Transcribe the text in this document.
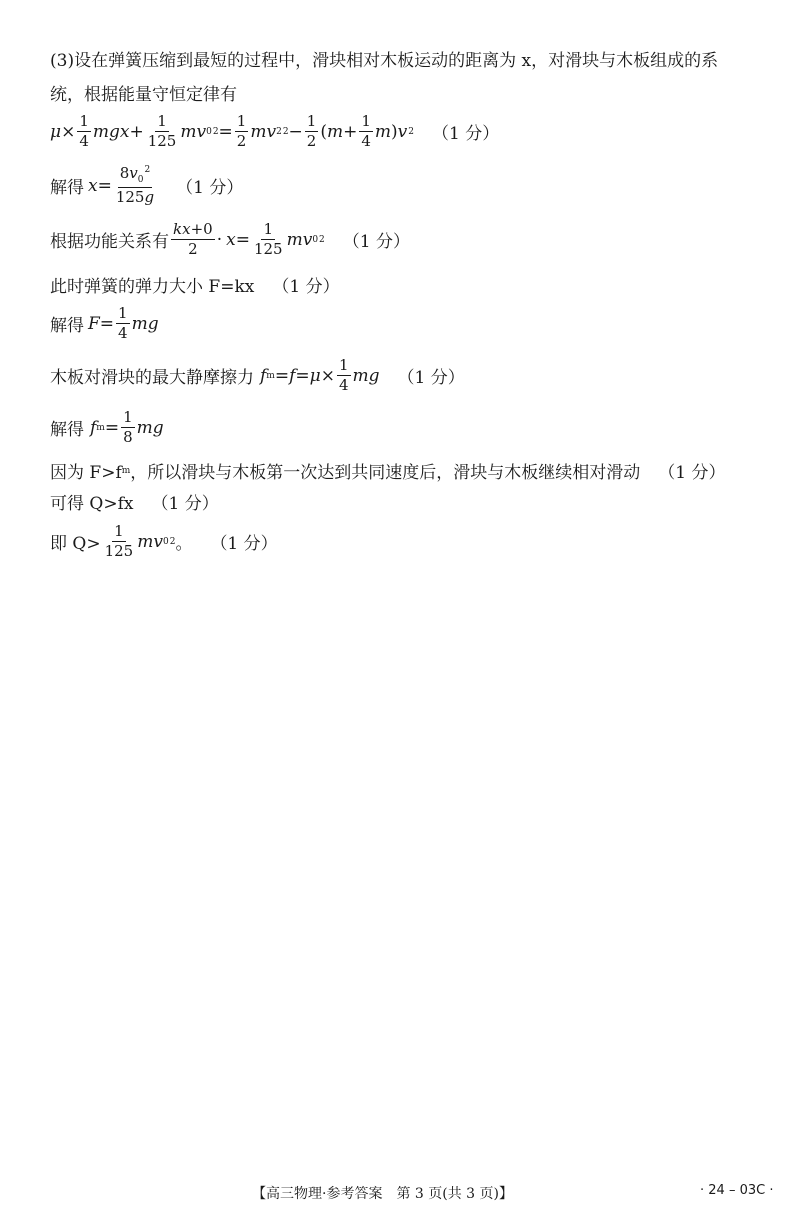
(3)设在弹簧压缩到最短的过程中，滑块相对木板运动的距离为 x，对滑块与木板组成的系
统，根据能量守恒定律有
$\mu \times \frac{1}{4}$ mgx + $\frac{1}{125}$ mv 0 $2 = \frac{1}{2}$ mv 2 $2 - \frac{1}{2}$ ( $m + \frac{1}{4}$ m ) v 2 （1 分）
解得 $x = \frac{8v_0^2}{125g} (1$ 分）
根据功能关系有 $\frac{kx+0}{2} \cdot x = \frac{1}{125}$ mv 0 2 （1 分）
此时弹簧的弹力大小 F=kx （1 分）
解得 $F = \frac{1}{4}$ mg
木板对滑块的最大静摩擦力 f $m = f = \mu \times \frac{1}{4}$ mg （1 分）
解得 f $m = \frac{1}{8}$ mg
因为 F>f m ，所以滑块与木板第一次达到共同速度后，滑块与木板继续相对滑动 （1 分）
可得 Q>fx （1 分）
即 $Q> \frac{1}{125}$ mv 0 2 。 （1 分）
【高三物理·参考答案　第 3 页(共 3 页)】	· 24 – 03C ·
